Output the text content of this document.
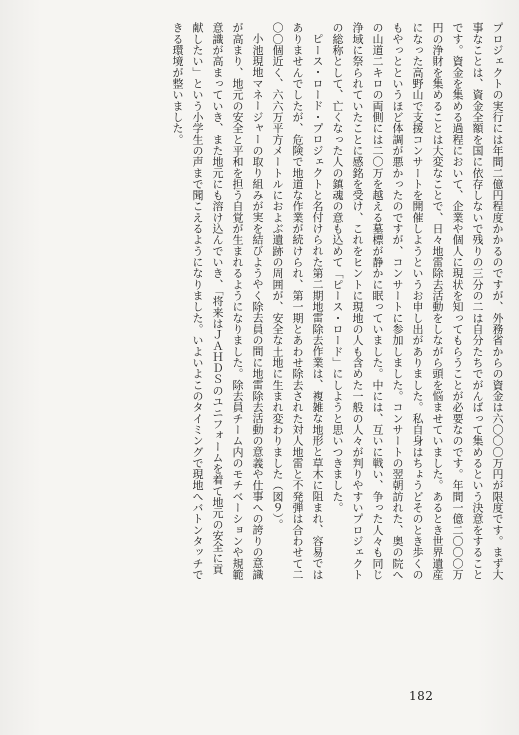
プロジェクトの実行には年間二億円程度かかるのですが、外務省からの資金は六〇〇〇万円が限度です。まず大
事なことは、資金全額を国に依存しないで残りの三分の二は自分たちでがんばって集めるという決意をすること
です。資金を集める過程において、企業や個人に現状を知ってもらうことが必要なのです。年間一億二〇〇〇万
円の浄財を集めることは大変なことで、日々地雷除去活動をしながら頭を悩ませていました。あるとき世界遺産
になった高野山で支援コンサートを開催しようというお申し出がありました。私自身はちょうどそのとき歩くの
もやっとというほど体調が悪かったのですが、コンサートに参加しました。コンサートの翌朝訪れた、奥の院へ
の山道二キロの両側には二〇万を越える墓標が静かに眠っていました。中には、互いに戦い、争った人々も同じ
浄域に祭られていたことに感銘を受け、これをヒントに現地の人も含めた一般の人々が判りやすいプロジェクト
の総称として、亡くなった人の鎮魂の意も込めて「ピース・ロード」にしようと思いつきました。
ピース・ロード・プロジェクトと名付けられた第二期地雷除去作業は、複雑な地形と草木に阻まれ、容易では
ありませんでしたが、危険で地道な作業が続けられ、第一期とあわせ除去された対人地雷と不発弾は合わせて二
〇〇個近く、六六万平方メートルにおよぶ遺跡の周囲が、安全な土地に生まれ変わりました（図９）。
小池現地マネージャーの取り組みが実を結びようやく除去員の間に地雷除去活動の意義や仕事への誇りの意識
が高まり、地元の安全と平和を担う自覚が生まれるようになりました。除去員チーム内のモチベーションや規範
意識が高まっていき、また地元にも溶け込んでいき、「将来はＪＡＨＤＳのユニフォームを着て地元の安全に貢
献したい」という小学生の声まで聞こえるようになりました。いよいよこのタイミングで現地へバトンタッチで
きる環境が整いました。
182
